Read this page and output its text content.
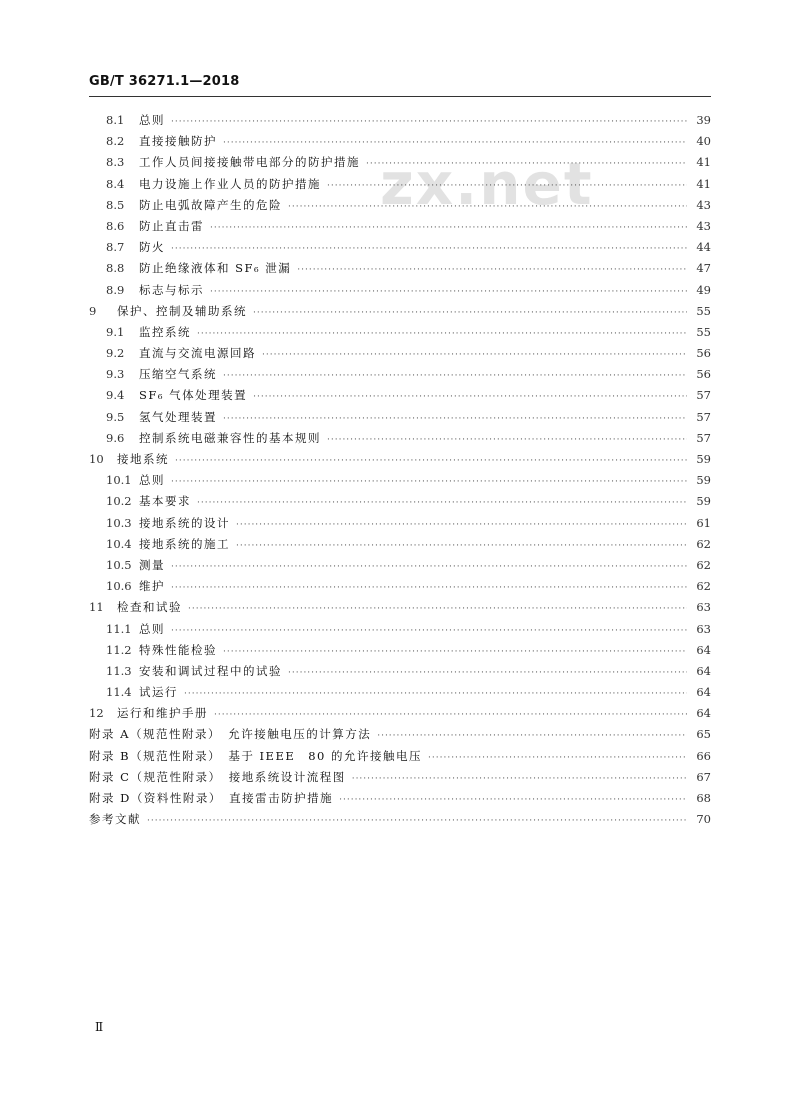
GB/T 36271.1—2018
zx.net
8.1	总则 ·····	39
8.2	直接接触防护 ·····	40
8.3	工作人员间接接触带电部分的防护措施 ·····	41
8.4	电力设施上作业人员的防护措施 ·····	41
8.5	防止电弧故障产生的危险 ·····	43
8.6	防止直击雷 ·····	43
8.7	防火 ·····	44
8.8	防止绝缘液体和 SF₆ 泄漏 ·····	47
8.9	标志与标示 ·····	49
9	保护、控制及辅助系统 ·····	55
9.1	监控系统 ·····	55
9.2	直流与交流电源回路 ·····	56
9.3	压缩空气系统 ·····	56
9.4	SF₆ 气体处理装置 ·····	57
9.5	氢气处理装置 ·····	57
9.6	控制系统电磁兼容性的基本规则 ·····	57
10	接地系统 ·····	59
10.1 总则 ·····	59
10.2 基本要求 ·····	59
10.3 接地系统的设计 ·····	61
10.4 接地系统的施工 ·····	62
10.5 测量 ·····	62
10.6 维护 ·····	62
11	检查和试验 ·····	63
11.1 总则 ·····	63
11.2 特殊性能检验 ·····	64
11.3 安装和调试过程中的试验 ·····	64
11.4 试运行 ·····	64
12	运行和维护手册 ·····	64
附录 A（规范性附录）　允许接触电压的计算方法 ·····	65
附录 B（规范性附录）　基于 IEEE　80 的允许接触电压 ·····	66
附录 C（规范性附录）　接地系统设计流程图 ·····	67
附录 D（资料性附录）　直接雷击防护措施 ·····	68
参考文献 ·····	70
Ⅱ
